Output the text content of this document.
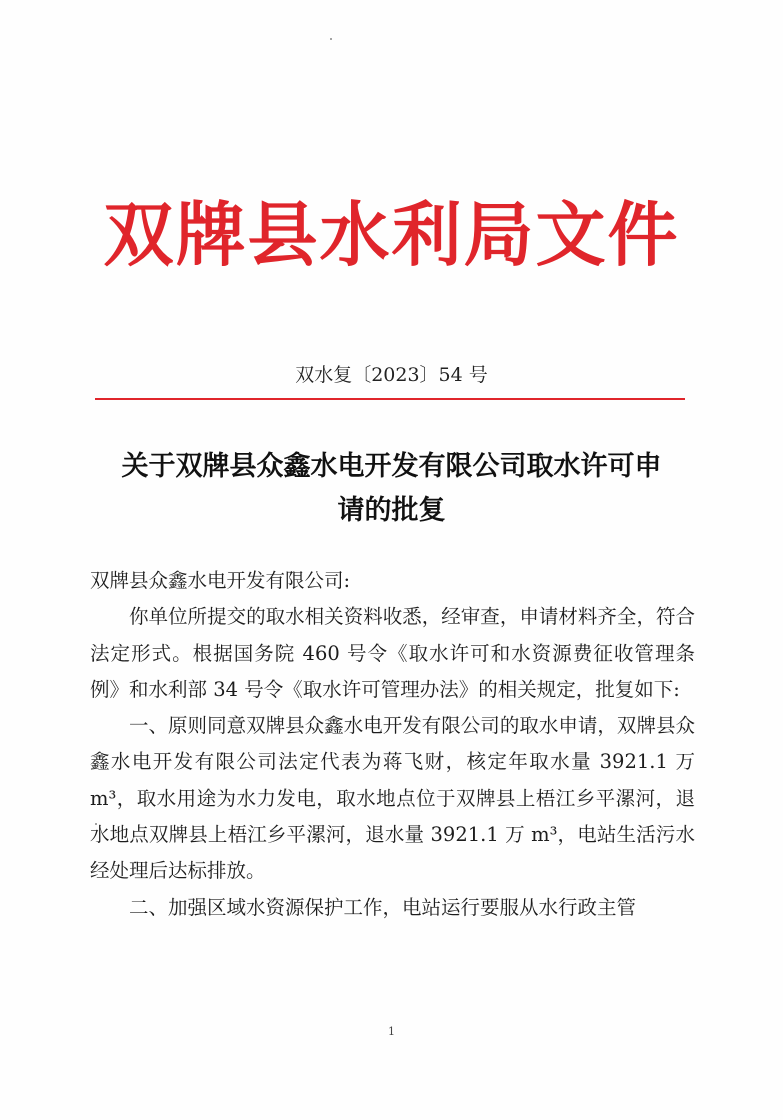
双牌县水利局文件
双水复〔2023〕54 号
关于双牌县众鑫水电开发有限公司取水许可申
请的批复

双牌县众鑫水电开发有限公司:

你单位所提交的取水相关资料收悉，经审查，申请材料齐全，符合法定形式。根据国务院 460 号令《取水许可和水资源费征收管理条例》和水利部 34 号令《取水许可管理办法》的相关规定，批复如下:

一、原则同意双牌县众鑫水电开发有限公司的取水申请，双牌县众鑫水电开发有限公司法定代表为蒋飞财，核定年取水量 3921.1 万 m³，取水用途为水力发电，取水地点位于双牌县上梧江乡平漯河，退水地点双牌县上梧江乡平漯河，退水量 3921.1 万 m³，电站生活污水经处理后达标排放。

二、加强区域水资源保护工作，电站运行要服从水行政主管

1
